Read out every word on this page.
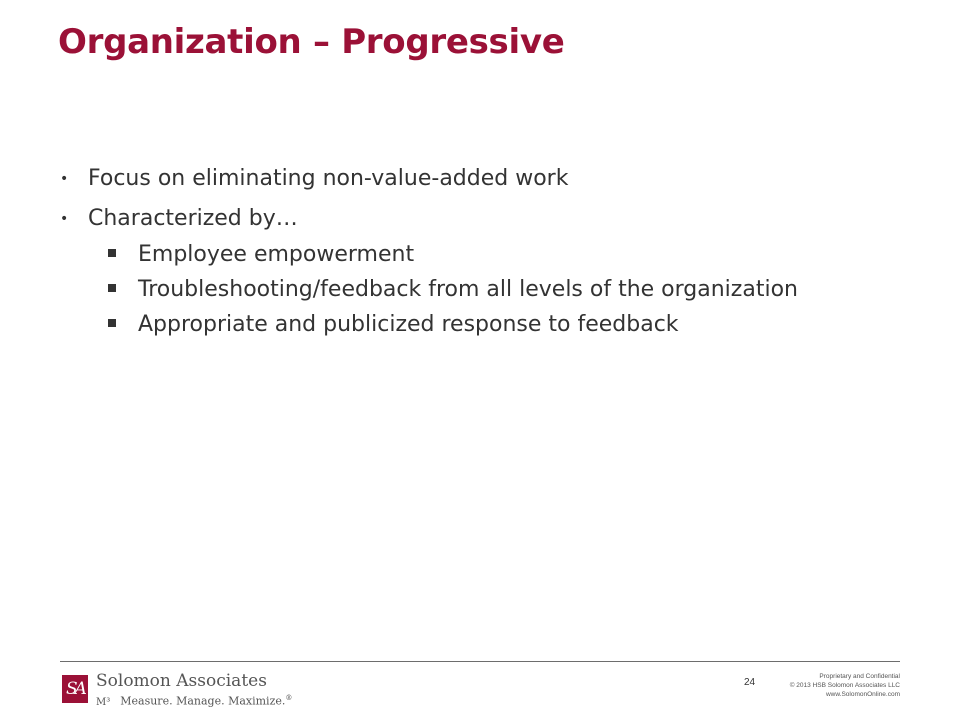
Organization – Progressive
• Focus on eliminating non-value-added work
• Characterized by…
Employee empowerment
Troubleshooting/feedback from all levels of the organization
Appropriate and publicized response to feedback
SA Solomon Associates
M³ Measure. Manage. Maximize.®
24
Proprietary and Confidential
© 2013 HSB Solomon Associates LLC
www.SolomonOnline.com
